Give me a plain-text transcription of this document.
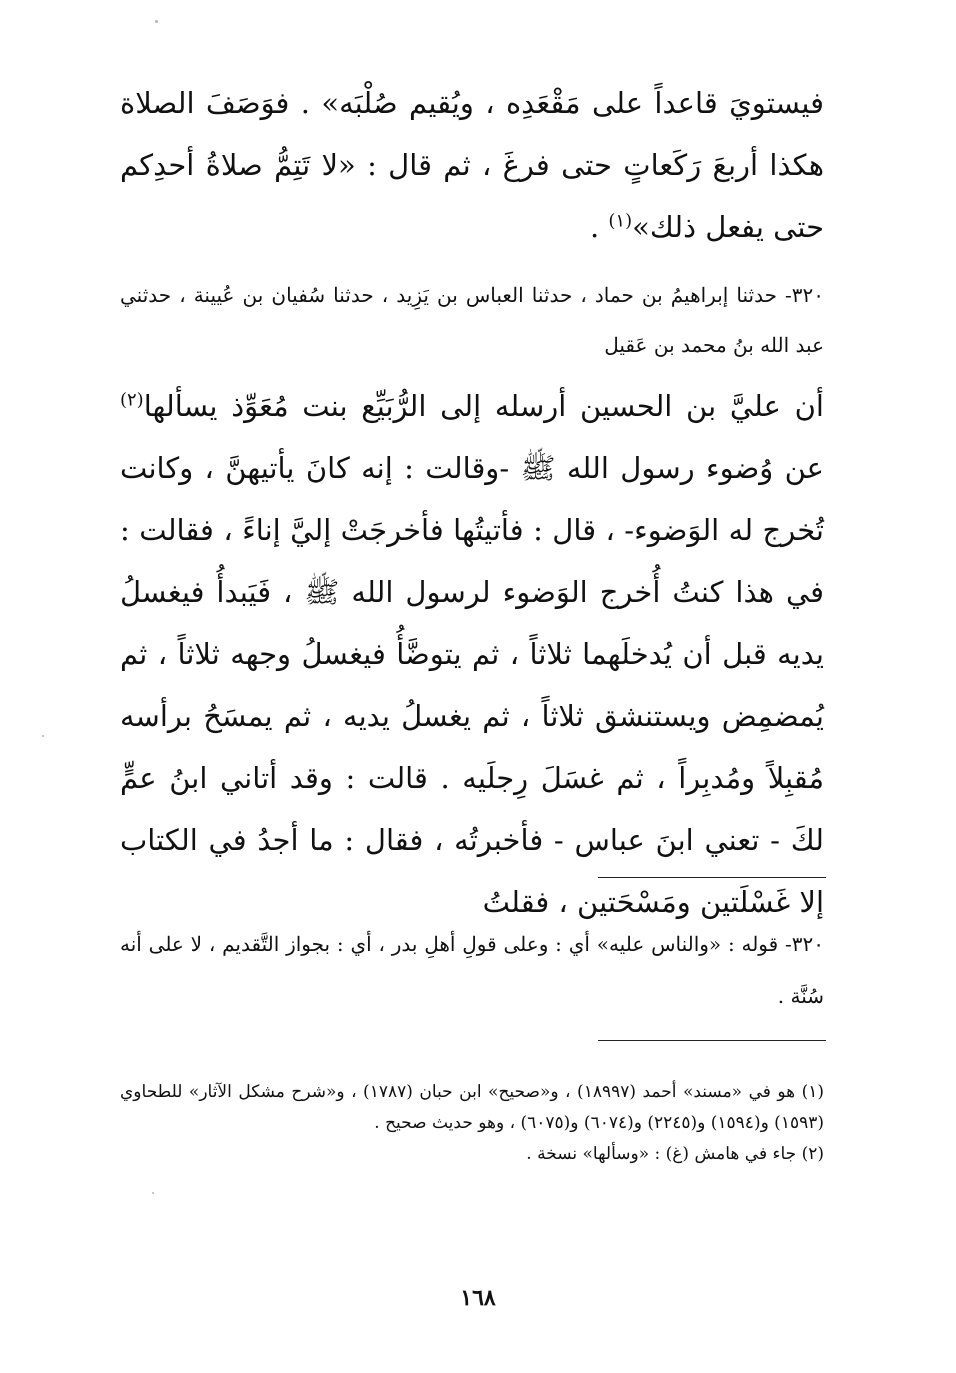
فيستويَ قاعداً على مَقْعَدِه ، ويُقيم صُلْبَه» . فوَصَفَ الصلاة هكذا أربعَ رَكَعاتٍ حتى فرغَ ، ثم قال : «لا تَتِمُّ صلاةُ أحدِكم حتى يفعل ذلك»$^{(١)}$ .

٣٢٠- حدثنا إبراهيمُ بن حماد ، حدثنا العباس بن يَزِيد ، حدثنا سُفيان بن عُيينة ، حدثني عبد الله بنُ محمد بن عَقيل

أن عليَّ بن الحسين أرسله إلى الرُّبَيِّع بنت مُعَوِّذ يسألها$^{(٢)}$ عن وُضوء رسول الله ﷺ -وقالت : إنه كانَ يأتيهنَّ ، وكانت تُخرج له الوَضوء- ، قال : فأتيتُها فأخرجَتْ إليَّ إناءً ، فقالت : في هذا كنتُ أُخرج الوَضوء لرسول الله ﷺ ، فَيَبدأُ فيغسلُ يديه قبل أن يُدخلَهما ثلاثاً ، ثم يتوضَّأُ فيغسلُ وجهه ثلاثاً ، ثم يُمضمِض ويستنشق ثلاثاً ، ثم يغسلُ يديه ، ثم يمسَحُ برأسه مُقبِلاً ومُدبِراً ، ثم غسَلَ رِجلَيه . قالت : وقد أتاني ابنُ عمٍّ لكَ - تعني ابنَ عباس - فأخبرتُه ، فقال : ما أجدُ في الكتاب إلا غَسْلَتين ومَسْحَتين ، فقلتُ

٣٢٠- قوله : «والناس عليه» أي : وعلى قولِ أهلِ بدر ، أي : بجواز التَّقديم ، لا على أنه سُنَّة .

(١) هو في «مسند» أحمد (١٨٩٩٧) ، و«صحيح» ابن حبان (١٧٨٧) ، و«شرح مشكل الآثار» للطحاوي (١٥٩٣) و(١٥٩٤) و(٢٢٤٥) و(٦٠٧٤) و(٦٠٧٥) ، وهو حديث صحيح .

(٢) جاء في هامش (غ) : «وسألها» نسخة .

١٦٨
